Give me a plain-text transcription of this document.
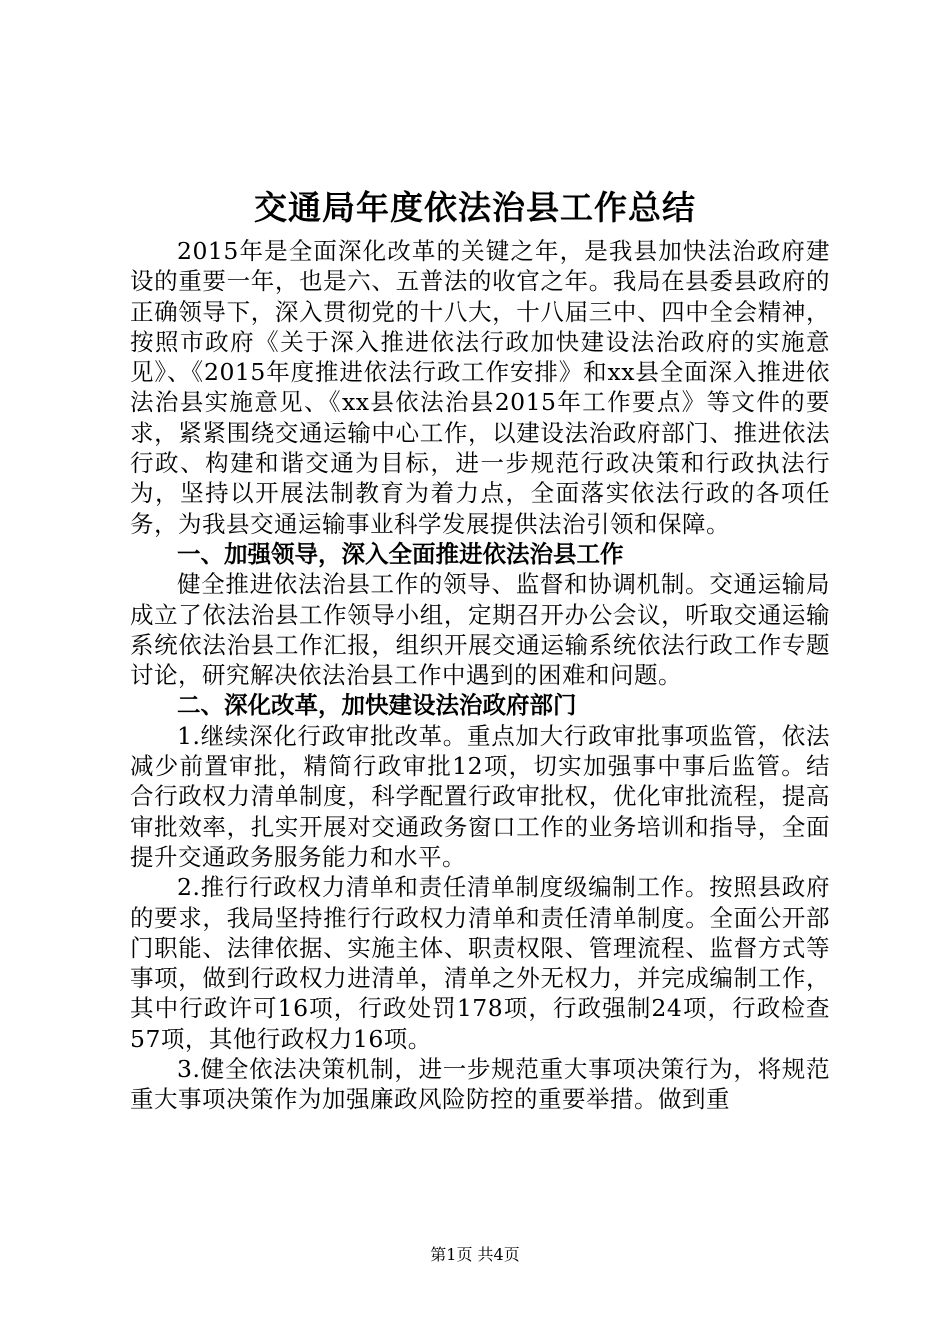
交通局年度依法治县工作总结

2015年是全面深化改革的关键之年，是我县加快法治政府建设的重要一年，也是六、五普法的收官之年。我局在县委县政府的正确领导下，深入贯彻党的十八大，十八届三中、四中全会精神，按照市政府《关于深入推进依法行政加快建设法治政府的实施意见》、《2015年度推进依法行政工作安排》和xx县全面深入推进依法治县实施意见、《xx县依法治县2015年工作要点》等文件的要求，紧紧围绕交通运输中心工作，以建设法治政府部门、推进依法行政、构建和谐交通为目标，进一步规范行政决策和行政执法行为，坚持以开展法制教育为着力点，全面落实依法行政的各项任务，为我县交通运输事业科学发展提供法治引领和保障。

一、加强领导，深入全面推进依法治县工作

健全推进依法治县工作的领导、监督和协调机制。交通运输局成立了依法治县工作领导小组，定期召开办公会议，听取交通运输系统依法治县工作汇报，组织开展交通运输系统依法行政工作专题讨论，研究解决依法治县工作中遇到的困难和问题。

二、深化改革，加快建设法治政府部门

1.继续深化行政审批改革。重点加大行政审批事项监管，依法减少前置审批，精简行政审批12项，切实加强事中事后监管。结合行政权力清单制度，科学配置行政审批权，优化审批流程，提高审批效率，扎实开展对交通政务窗口工作的业务培训和指导，全面提升交通政务服务能力和水平。

2.推行行政权力清单和责任清单制度级编制工作。按照县政府的要求，我局坚持推行行政权力清单和责任清单制度。全面公开部门职能、法律依据、实施主体、职责权限、管理流程、监督方式等事项，做到行政权力进清单，清单之外无权力，并完成编制工作，其中行政许可16项，行政处罚178项，行政强制24项，行政检查57项，其他行政权力16项。

3.健全依法决策机制，进一步规范重大事项决策行为，将规范重大事项决策作为加强廉政风险防控的重要举措。做到重

第1页 共4页
